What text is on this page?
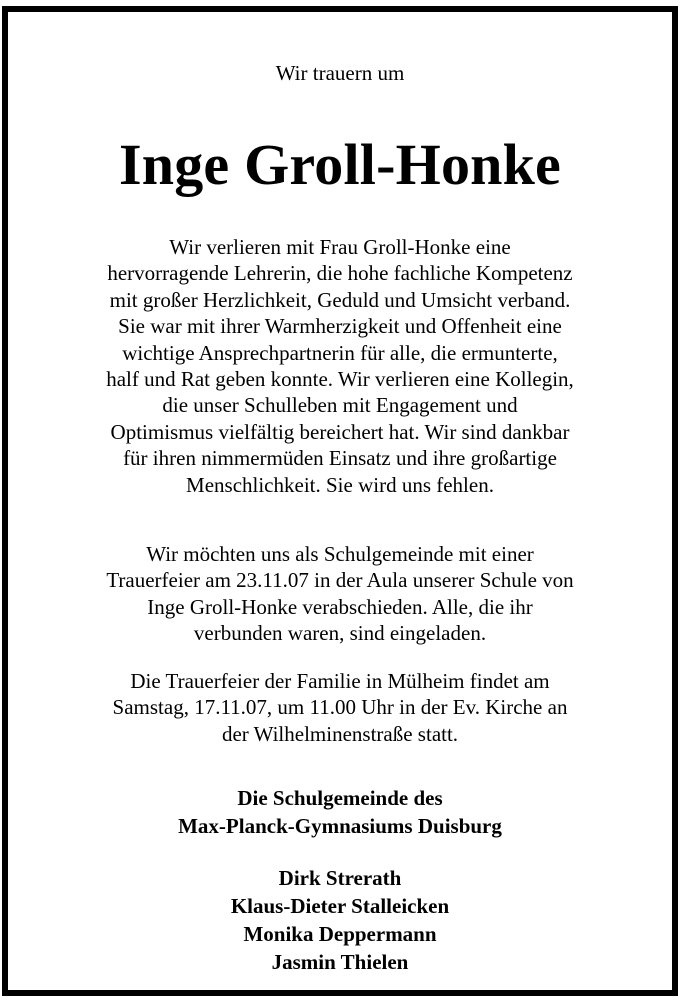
Wir trauern um
Inge Groll-Honke
Wir verlieren mit Frau Groll-Honke eine
hervorragende Lehrerin, die hohe fachliche Kompetenz
mit großer Herzlichkeit, Geduld und Umsicht verband.
Sie war mit ihrer Warmherzigkeit und Offenheit eine
wichtige Ansprechpartnerin für alle, die ermunterte,
half und Rat geben konnte. Wir verlieren eine Kollegin,
die unser Schulleben mit Engagement und
Optimismus vielfältig bereichert hat. Wir sind dankbar
für ihren nimmermüden Einsatz und ihre großartige
Menschlichkeit. Sie wird uns fehlen.
Wir möchten uns als Schulgemeinde mit einer
Trauerfeier am 23.11.07 in der Aula unserer Schule von
Inge Groll-Honke verabschieden. Alle, die ihr
verbunden waren, sind eingeladen.
Die Trauerfeier der Familie in Mülheim findet am
Samstag, 17.11.07, um 11.00 Uhr in der Ev. Kirche an
der Wilhelminenstraße statt.
Die Schulgemeinde des
Max-Planck-Gymnasiums Duisburg
Dirk Strerath
Klaus-Dieter Stalleicken
Monika Deppermann
Jasmin Thielen
